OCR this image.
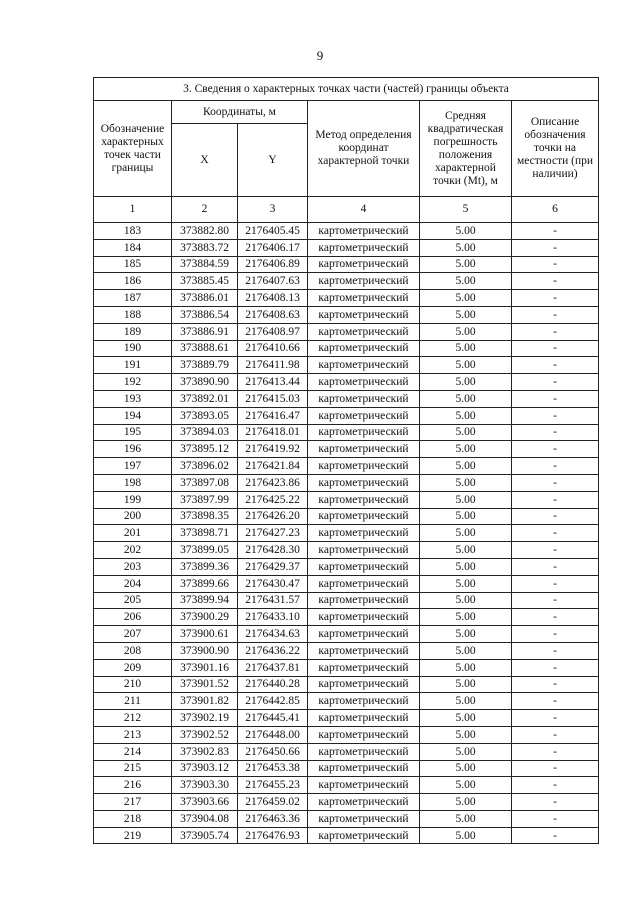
9
3. Сведения о характерных точках части (частей) границы объекта					
Обозначение характерных точек части границы	Координаты, м		Метод определения координат характерной точки	Средняя квадратическая погрешность положения характерной точки (Mt), м	Описание обозначения точки на местности (при наличии)
	X	Y			
1	2	3	4	5	6
183	373882.80	2176405.45	картометрический	5.00	-
184	373883.72	2176406.17	картометрический	5.00	-
185	373884.59	2176406.89	картометрический	5.00	-
186	373885.45	2176407.63	картометрический	5.00	-
187	373886.01	2176408.13	картометрический	5.00	-
188	373886.54	2176408.63	картометрический	5.00	-
189	373886.91	2176408.97	картометрический	5.00	-
190	373888.61	2176410.66	картометрический	5.00	-
191	373889.79	2176411.98	картометрический	5.00	-
192	373890.90	2176413.44	картометрический	5.00	-
193	373892.01	2176415.03	картометрический	5.00	-
194	373893.05	2176416.47	картометрический	5.00	-
195	373894.03	2176418.01	картометрический	5.00	-
196	373895.12	2176419.92	картометрический	5.00	-
197	373896.02	2176421.84	картометрический	5.00	-
198	373897.08	2176423.86	картометрический	5.00	-
199	373897.99	2176425.22	картометрический	5.00	-
200	373898.35	2176426.20	картометрический	5.00	-
201	373898.71	2176427.23	картометрический	5.00	-
202	373899.05	2176428.30	картометрический	5.00	-
203	373899.36	2176429.37	картометрический	5.00	-
204	373899.66	2176430.47	картометрический	5.00	-
205	373899.94	2176431.57	картометрический	5.00	-
206	373900.29	2176433.10	картометрический	5.00	-
207	373900.61	2176434.63	картометрический	5.00	-
208	373900.90	2176436.22	картометрический	5.00	-
209	373901.16	2176437.81	картометрический	5.00	-
210	373901.52	2176440.28	картометрический	5.00	-
211	373901.82	2176442.85	картометрический	5.00	-
212	373902.19	2176445.41	картометрический	5.00	-
213	373902.52	2176448.00	картометрический	5.00	-
214	373902.83	2176450.66	картометрический	5.00	-
215	373903.12	2176453.38	картометрический	5.00	-
216	373903.30	2176455.23	картометрический	5.00	-
217	373903.66	2176459.02	картометрический	5.00	-
218	373904.08	2176463.36	картометрический	5.00	-
219	373905.74	2176476.93	картометрический	5.00	-
